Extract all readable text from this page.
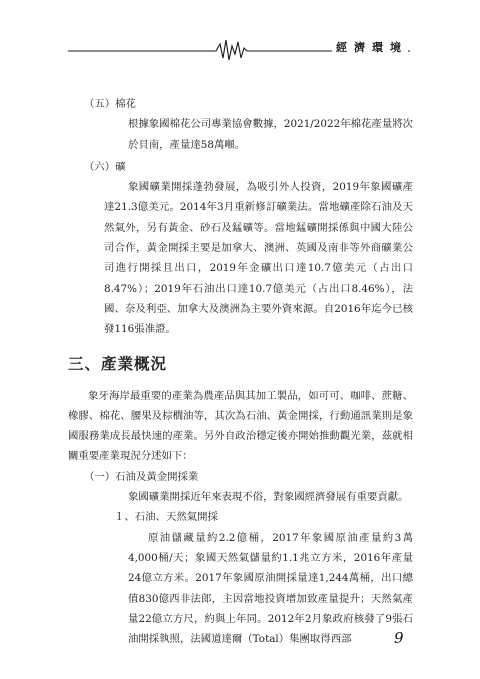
經濟環境

（五）棉花

根據象國棉花公司專業協會數據，2021/2022年棉花產量將次於貝南，產量達58萬噸。

（六）礦

象國礦業開採蓬勃發展，為吸引外人投資，2019年象國礦產達21.3億美元。2014年3月重新修訂礦業法。當地礦產除石油及天然氣外，另有黃金、砂石及錳礦等。當地錳礦開採係與中國大陸公司合作，黃金開採主要是加拿大、澳洲、英國及南非等外商礦業公司進行開採且出口，2019年金礦出口達10.7億美元（占出口8.47%）；2019年石油出口達10.7億美元（占出口8.46%），法國、奈及利亞、加拿大及澳洲為主要外資來源。自2016年迄今已核發116張准證。

三、產業概況

象牙海岸最重要的產業為農產品與其加工製品，如可可、咖啡、蔗糖、橡膠、棉花、腰果及棕櫚油等，其次為石油、黃金開採，行動通訊業則是象國服務業成長最快速的產業。另外自政治穩定後亦開始推動觀光業，茲就相關重要產業現況分述如下：

（一）石油及黃金開採業

象國礦業開採近年來表現不俗，對象國經濟發展有重要貢獻。

１、石油、天然氣開採

原油儲藏量約2.2億桶，2017年象國原油產量約3萬4,000桶/天；象國天然氣儲量約1.1兆立方米，2016年產量24億立方米。2017年象國原油開採量達1,244萬桶，出口總值830億西非法郎，主因當地投資增加致產量提升；天然氣產量22億立方尺，約與上年同。2012年2月象政府核發了9張石油開採執照，法國道達爾（Total）集團取得西部	9
